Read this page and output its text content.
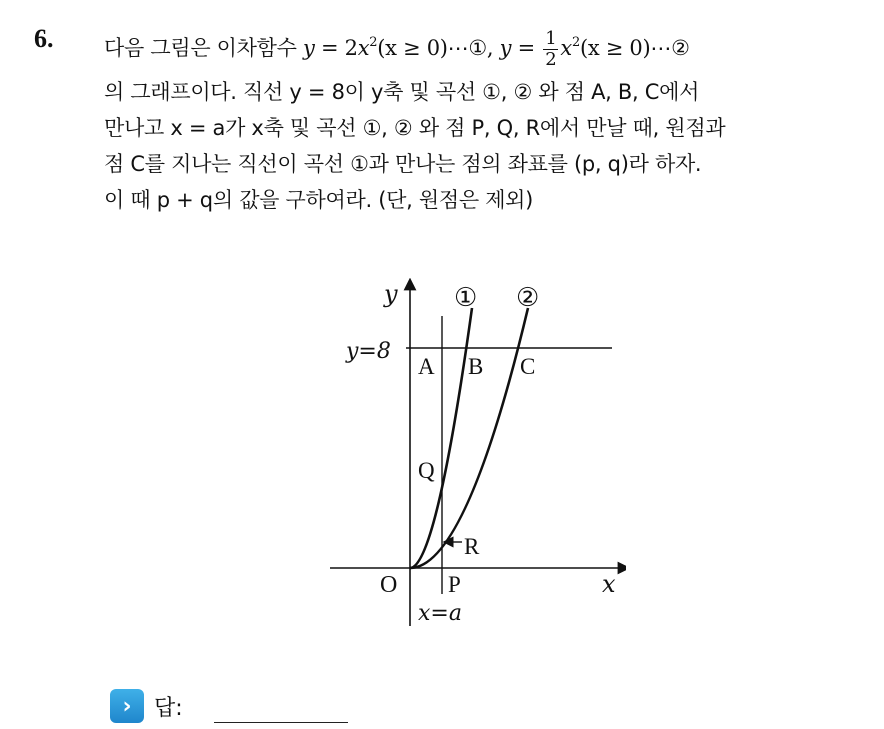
6. 다음 그림은 이차함수 $y = 2x^2(x$ ≥ 0)⋯①, $y = \frac{1}{2} x^2(x$ ≥ 0)⋯②
의 그래프이다. 직선 y = 8이 y축 및 곡선 ①, ② 와 점 A, B, C에서
만나고 x = a가 x축 및 곡선 ①, ② 와 점 P, Q, R에서 만날 때, 원점과
점 C를 지나는 직선이 곡선 ①과 만나는 점의 좌표를 (p, q)라 하자.
이 때 p + q의 값을 구하여라. (단, 원점은 제외)
y
x
O
y=8
x=a
① ②
A B C
Q
R
P
›	답:
